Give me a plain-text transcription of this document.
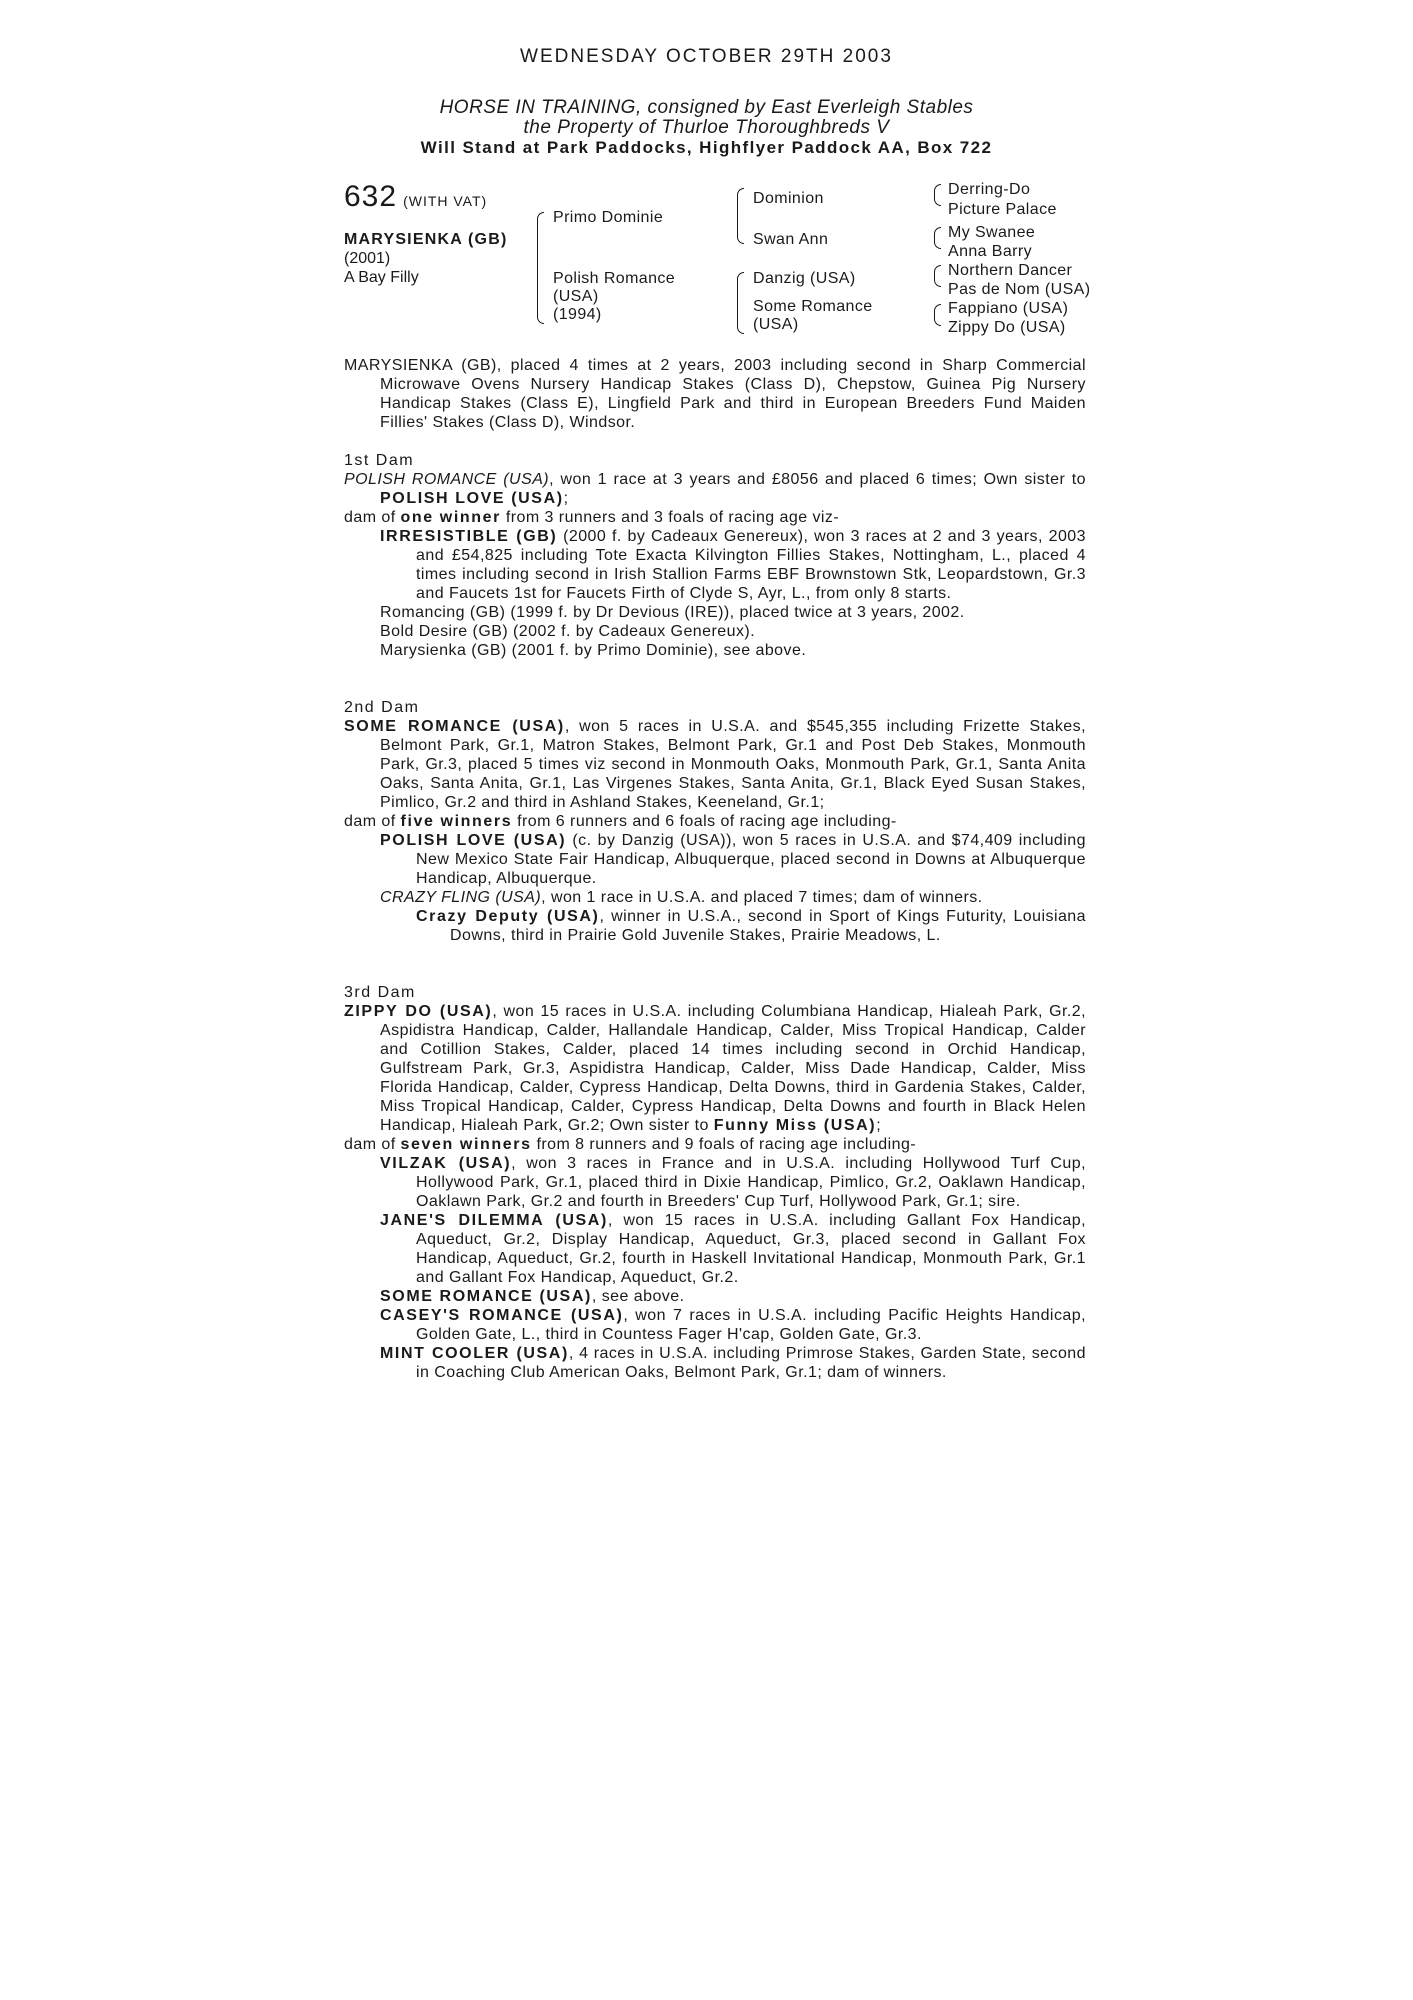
WEDNESDAY OCTOBER 29TH 2003
HORSE IN TRAINING, consigned by East Everleigh Stables
the Property of Thurloe Thoroughbreds V
Will Stand at Park Paddocks, Highflyer Paddock AA, Box 722
632 (WITH VAT)
MARYSIENKA (GB)
(2001)
A Bay Filly
Primo Dominie
Polish Romance
(USA)
(1994)
Dominion
Swan Ann
Danzig (USA)
Some Romance
(USA)
Derring-Do
Picture Palace
My Swanee
Anna Barry
Northern Dancer
Pas de Nom (USA)
Fappiano (USA)
Zippy Do (USA)

MARYSIENKA (GB), placed 4 times at 2 years, 2003 including second in Sharp Commercial Microwave Ovens Nursery Handicap Stakes (Class D), Chepstow, Guinea Pig Nursery Handicap Stakes (Class E), Lingfield Park and third in European Breeders Fund Maiden Fillies' Stakes (Class D), Windsor.

1st Dam

POLISH ROMANCE (USA), won 1 race at 3 years and £8056 and placed 6 times; Own sister to POLISH LOVE (USA);

dam of one winner from 3 runners and 3 foals of racing age viz-

IRRESISTIBLE (GB) (2000 f. by Cadeaux Genereux), won 3 races at 2 and 3 years, 2003 and £54,825 including Tote Exacta Kilvington Fillies Stakes, Nottingham, L., placed 4 times including second in Irish Stallion Farms EBF Brownstown Stk, Leopardstown, Gr.3 and Faucets 1st for Faucets Firth of Clyde S, Ayr, L., from only 8 starts.

Romancing (GB) (1999 f. by Dr Devious (IRE)), placed twice at 3 years, 2002.

Bold Desire (GB) (2002 f. by Cadeaux Genereux).

Marysienka (GB) (2001 f. by Primo Dominie), see above.

2nd Dam

SOME ROMANCE (USA), won 5 races in U.S.A. and $545,355 including Frizette Stakes, Belmont Park, Gr.1, Matron Stakes, Belmont Park, Gr.1 and Post Deb Stakes, Monmouth Park, Gr.3, placed 5 times viz second in Monmouth Oaks, Monmouth Park, Gr.1, Santa Anita Oaks, Santa Anita, Gr.1, Las Virgenes Stakes, Santa Anita, Gr.1, Black Eyed Susan Stakes, Pimlico, Gr.2 and third in Ashland Stakes, Keeneland, Gr.1;

dam of five winners from 6 runners and 6 foals of racing age including-

POLISH LOVE (USA) (c. by Danzig (USA)), won 5 races in U.S.A. and $74,409 including New Mexico State Fair Handicap, Albuquerque, placed second in Downs at Albuquerque Handicap, Albuquerque.

CRAZY FLING (USA), won 1 race in U.S.A. and placed 7 times; dam of winners.

Crazy Deputy (USA), winner in U.S.A., second in Sport of Kings Futurity, Louisiana Downs, third in Prairie Gold Juvenile Stakes, Prairie Meadows, L.

3rd Dam

ZIPPY DO (USA), won 15 races in U.S.A. including Columbiana Handicap, Hialeah Park, Gr.2, Aspidistra Handicap, Calder, Hallandale Handicap, Calder, Miss Tropical Handicap, Calder and Cotillion Stakes, Calder, placed 14 times including second in Orchid Handicap, Gulfstream Park, Gr.3, Aspidistra Handicap, Calder, Miss Dade Handicap, Calder, Miss Florida Handicap, Calder, Cypress Handicap, Delta Downs, third in Gardenia Stakes, Calder, Miss Tropical Handicap, Calder, Cypress Handicap, Delta Downs and fourth in Black Helen Handicap, Hialeah Park, Gr.2; Own sister to Funny Miss (USA);

dam of seven winners from 8 runners and 9 foals of racing age including-

VILZAK (USA), won 3 races in France and in U.S.A. including Hollywood Turf Cup, Hollywood Park, Gr.1, placed third in Dixie Handicap, Pimlico, Gr.2, Oaklawn Handicap, Oaklawn Park, Gr.2 and fourth in Breeders' Cup Turf, Hollywood Park, Gr.1; sire.

JANE'S DILEMMA (USA), won 15 races in U.S.A. including Gallant Fox Handicap, Aqueduct, Gr.2, Display Handicap, Aqueduct, Gr.3, placed second in Gallant Fox Handicap, Aqueduct, Gr.2, fourth in Haskell Invitational Handicap, Monmouth Park, Gr.1 and Gallant Fox Handicap, Aqueduct, Gr.2.

SOME ROMANCE (USA), see above.

CASEY'S ROMANCE (USA), won 7 races in U.S.A. including Pacific Heights Handicap, Golden Gate, L., third in Countess Fager H'cap, Golden Gate, Gr.3.

MINT COOLER (USA), 4 races in U.S.A. including Primrose Stakes, Garden State, second in Coaching Club American Oaks, Belmont Park, Gr.1; dam of winners.
